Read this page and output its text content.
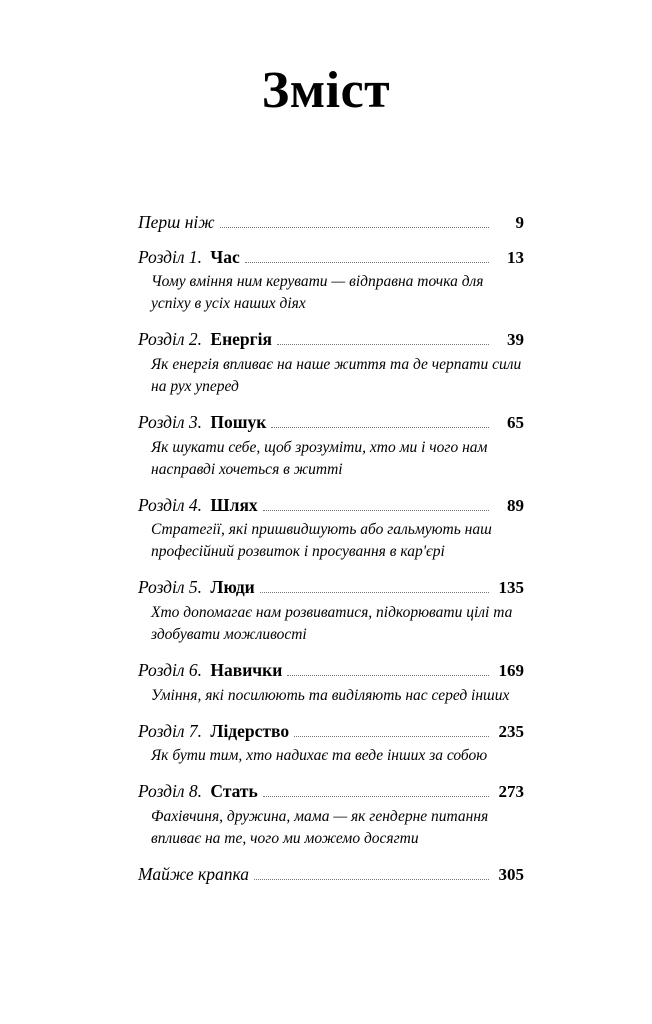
Зміст
Перш ніж	9
Розділ 1. Час	13
Чому вміння ним керувати — відправна точка для успіху в усіх наших діях
Розділ 2. Енергія	39
Як енергія впливає на наше життя та де черпати сили на рух уперед
Розділ 3. Пошук	65
Як шукати себе, щоб зрозуміти, хто ми і чого нам насправді хочеться в житті
Розділ 4. Шлях	89
Стратегії, які пришвидшують або гальмують наш професійний розвиток і просування в кар'єрі
Розділ 5. Люди	135
Хто допомагає нам розвиватися, підкорювати цілі та здобувати можливості
Розділ 6. Навички	169
Уміння, які посилюють та виділяють нас серед інших
Розділ 7. Лідерство	235
Як бути тим, хто надихає та веде інших за собою
Розділ 8. Стать	273
Фахівчиня, дружина, мама — як гендерне питання впливає на те, чого ми можемо досягти
Майже крапка	305
